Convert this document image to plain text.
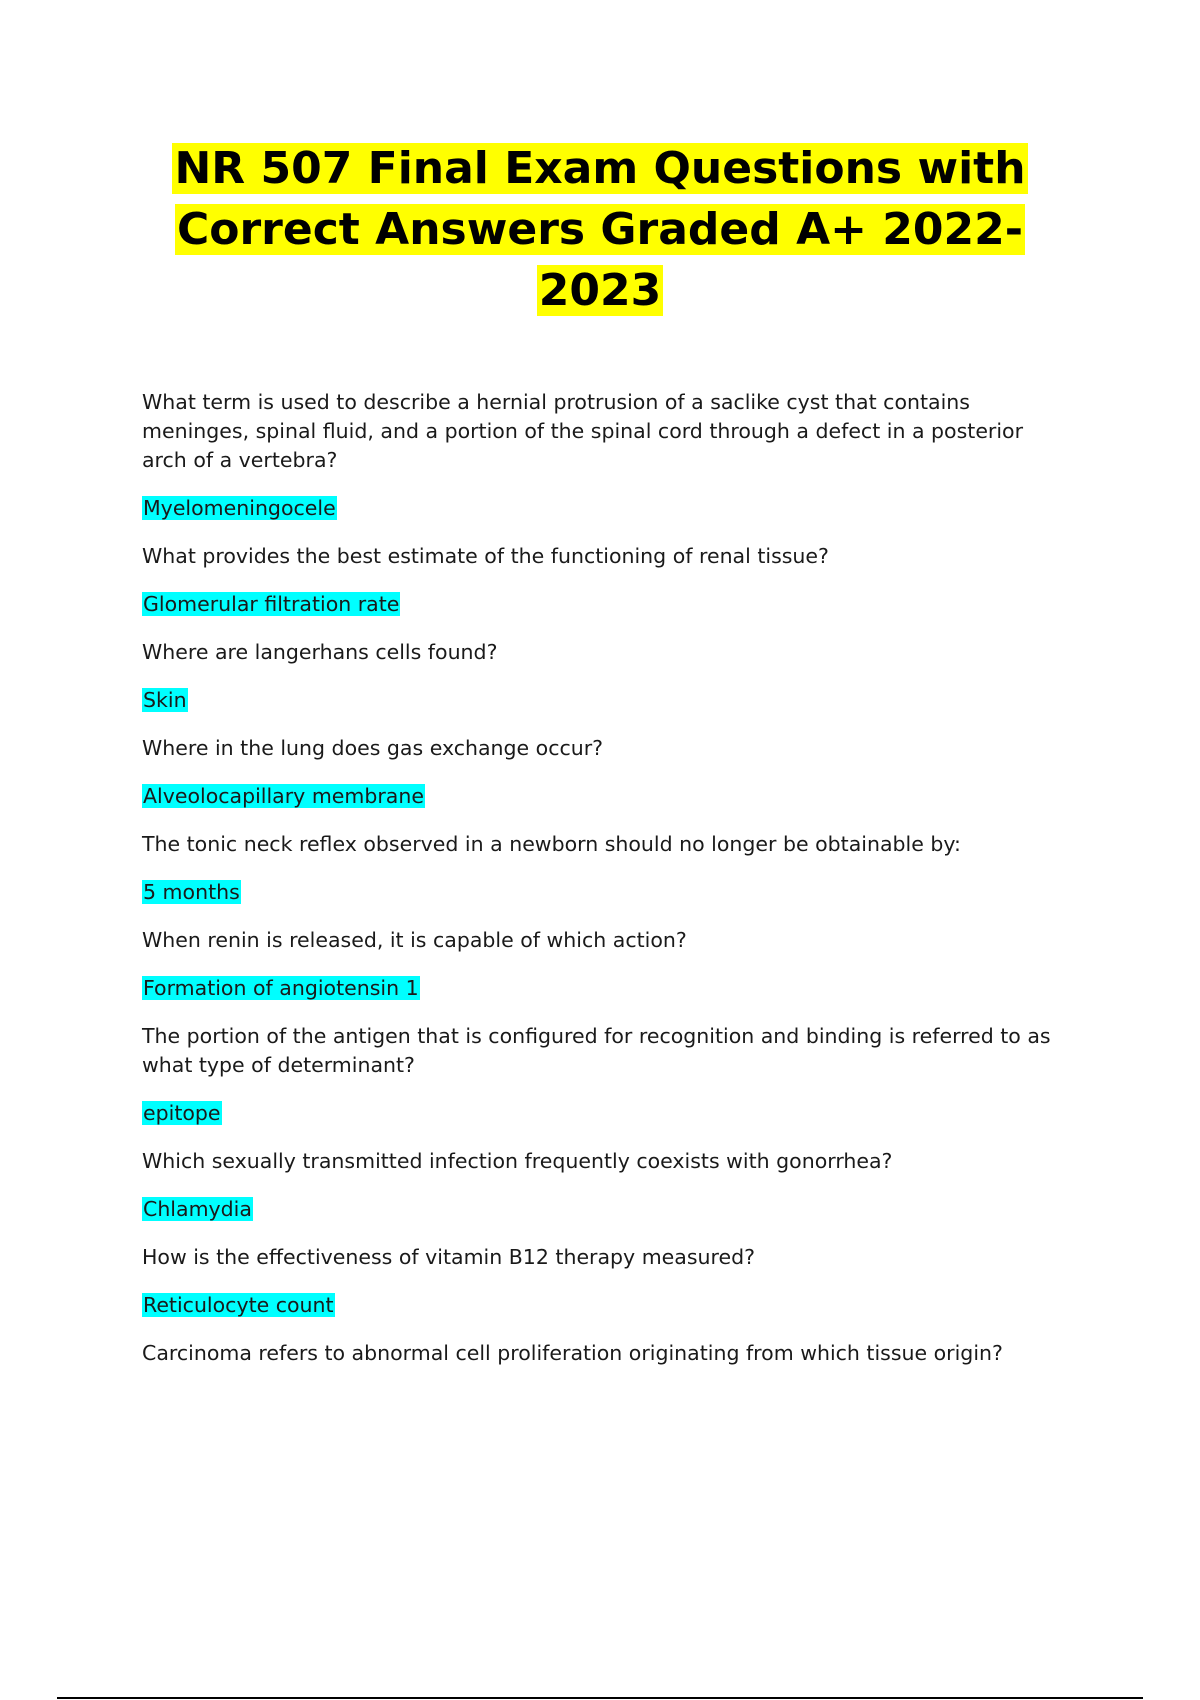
NR 507 Final Exam Questions with
Correct Answers Graded A+ 2022-
2023

What term is used to describe a hernial protrusion of a saclike cyst that contains meninges, spinal fluid, and a portion of the spinal cord through a defect in a posterior arch of a vertebra?

Myelomeningocele

What provides the best estimate of the functioning of renal tissue?

Glomerular filtration rate

Where are langerhans cells found?

Skin

Where in the lung does gas exchange occur?

Alveolocapillary membrane

The tonic neck reflex observed in a newborn should no longer be obtainable by:

5 months

When renin is released, it is capable of which action?

Formation of angiotensin 1

The portion of the antigen that is configured for recognition and binding is referred to as what type of determinant?

epitope

Which sexually transmitted infection frequently coexists with gonorrhea?

Chlamydia

How is the effectiveness of vitamin B12 therapy measured?

Reticulocyte count

Carcinoma refers to abnormal cell proliferation originating from which tissue origin?
